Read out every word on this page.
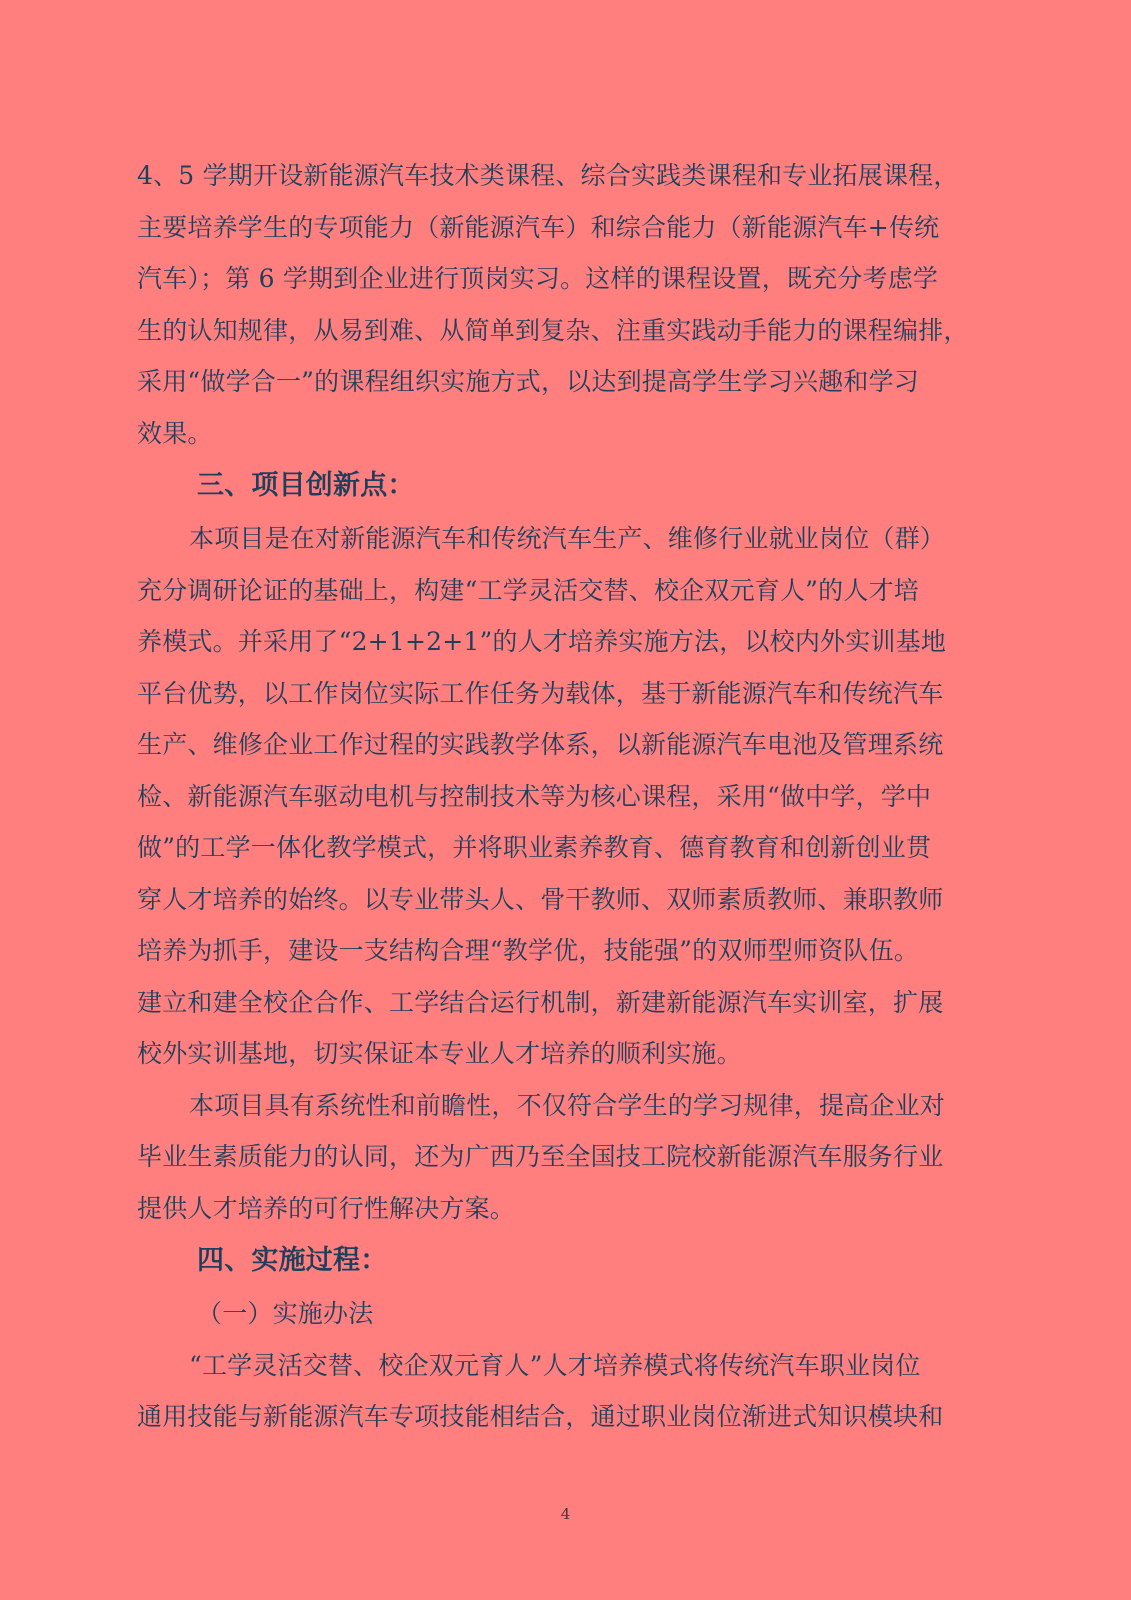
4、5 学期开设新能源汽车技术类课程、综合实践类课程和专业拓展课程，
主要培养学生的专项能力（新能源汽车）和综合能力（新能源汽车+传统
汽车）；第 6 学期到企业进行顶岗实习。这样的课程设置，既充分考虑学
生的认知规律，从易到难、从简单到复杂、注重实践动手能力的课程编排，
采用“做学合一”的课程组织实施方式，以达到提高学生学习兴趣和学习
效果。
三、项目创新点：
本项目是在对新能源汽车和传统汽车生产、维修行业就业岗位（群）
充分调研论证的基础上，构建“工学灵活交替、校企双元育人”的人才培
养模式。并采用了“2+1+2+1”的人才培养实施方法，以校内外实训基地
平台优势，以工作岗位实际工作任务为载体，基于新能源汽车和传统汽车
生产、维修企业工作过程的实践教学体系，以新能源汽车电池及管理系统
检、新能源汽车驱动电机与控制技术等为核心课程，采用“做中学，学中
做”的工学一体化教学模式，并将职业素养教育、德育教育和创新创业贯
穿人才培养的始终。以专业带头人、骨干教师、双师素质教师、兼职教师
培养为抓手，建设一支结构合理“教学优，技能强”的双师型师资队伍。
建立和建全校企合作、工学结合运行机制，新建新能源汽车实训室，扩展
校外实训基地，切实保证本专业人才培养的顺利实施。
本项目具有系统性和前瞻性，不仅符合学生的学习规律，提高企业对
毕业生素质能力的认同，还为广西乃至全国技工院校新能源汽车服务行业
提供人才培养的可行性解决方案。
四、实施过程：
（一）实施办法
“工学灵活交替、校企双元育人”人才培养模式将传统汽车职业岗位
通用技能与新能源汽车专项技能相结合，通过职业岗位渐进式知识模块和
4
